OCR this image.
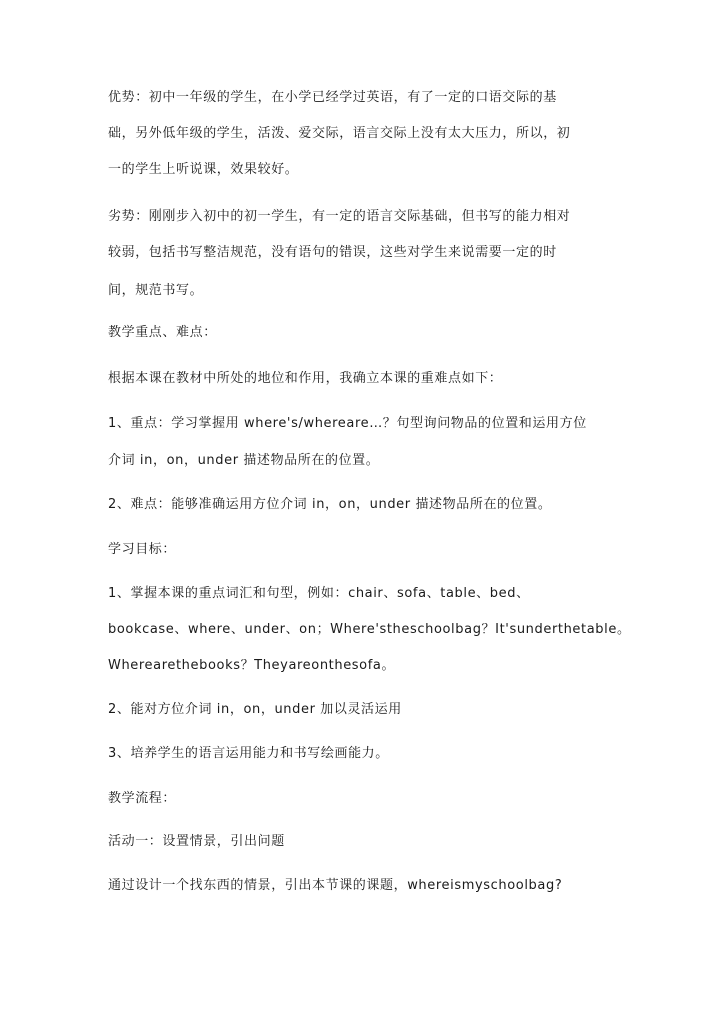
优势：初中一年级的学生，在小学已经学过英语，有了一定的口语交际的基
础，另外低年级的学生，活泼、爱交际，语言交际上没有太大压力，所以，初
一的学生上听说课，效果较好。
劣势：刚刚步入初中的初一学生，有一定的语言交际基础，但书写的能力相对
较弱，包括书写整洁规范，没有语句的错误，这些对学生来说需要一定的时
间，规范书写。
教学重点、难点：
根据本课在教材中所处的地位和作用，我确立本课的重难点如下：
1、重点：学习掌握用 where's/whereare…？句型询问物品的位置和运用方位
介词 in，on，under 描述物品所在的位置。
2、难点：能够准确运用方位介词 in，on，under 描述物品所在的位置。
学习目标：
1、掌握本课的重点词汇和句型，例如：chair、sofa、table、bed、
bookcase、where、under、on；Where'stheschoolbag？It'sunderthetable。
Wherearethebooks？Theyareonthesofa。
2、能对方位介词 in，on，under 加以灵活运用
3、培养学生的语言运用能力和书写绘画能力。
教学流程：
活动一：设置情景，引出问题
通过设计一个找东西的情景，引出本节课的课题，whereismyschoolbag?
